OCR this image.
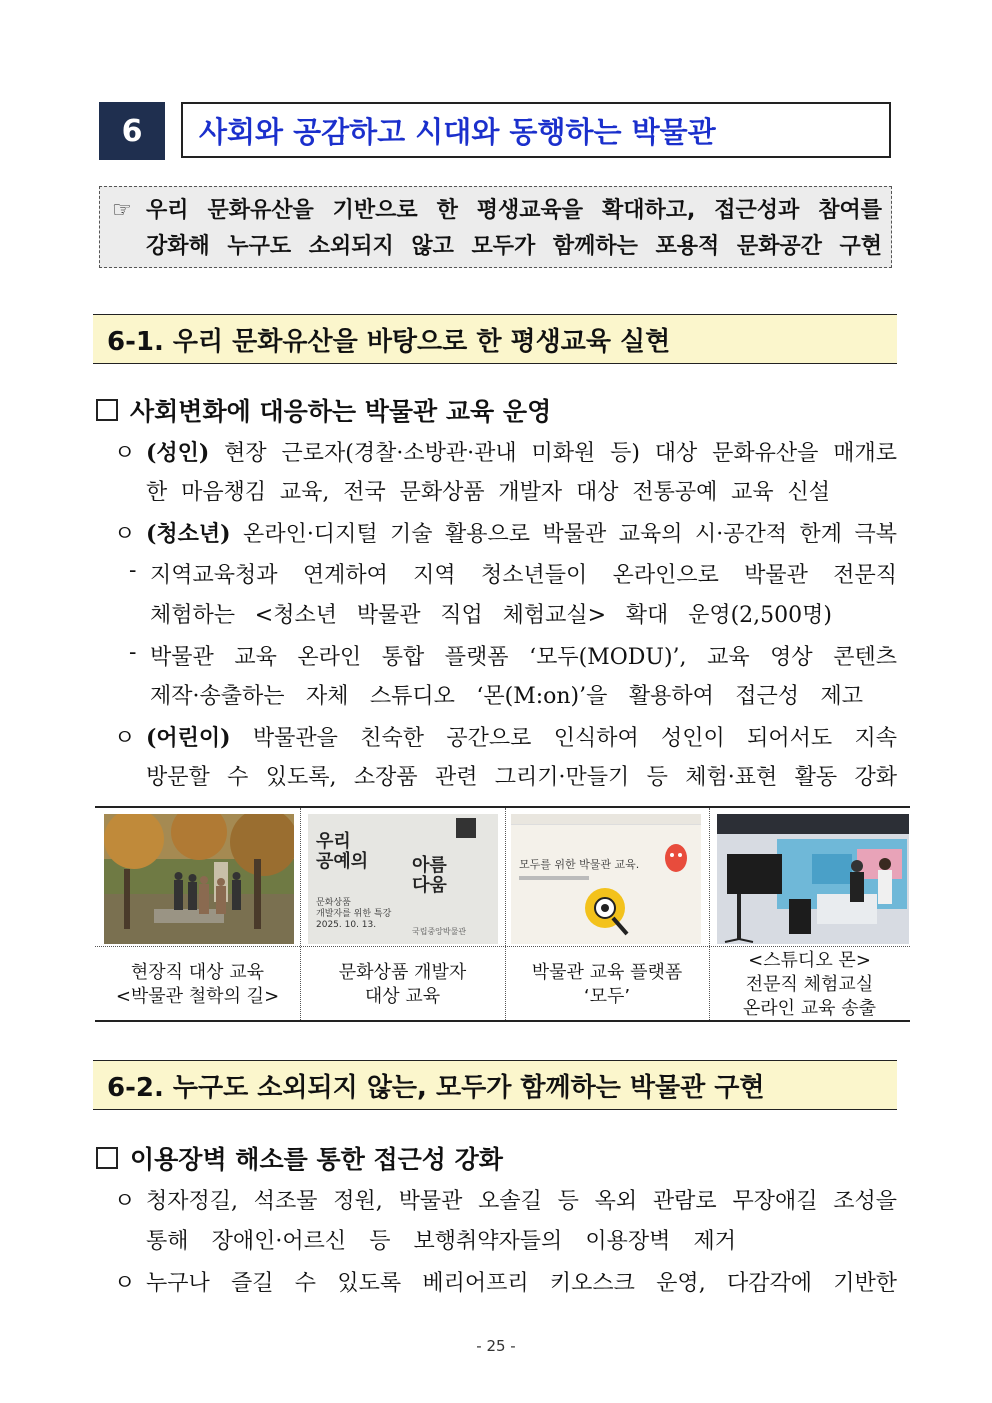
6	사회와 공감하고 시대와 동행하는 박물관
☞ 우리 문화유산을 기반으로 한 평생교육을 확대하고, 접근성과 참여를
강화해 누구도 소외되지 않고 모두가 함께하는 포용적 문화공간 구현
6-1. 우리 문화유산을 바탕으로 한 평생교육 실현
사회변화에 대응하는 박물관 교육 운영
ㅇ (성인) 현장 근로자(경찰·소방관·관내 미화원 등) 대상 문화유산을 매개로
한 마음챙김 교육, 전국 문화상품 개발자 대상 전통공예 교육 신설
ㅇ (청소년) 온라인·디지털 기술 활용으로 박물관 교육의 시·공간적 한계 극복
- 지역교육청과 연계하여 지역 청소년들이 온라인으로 박물관 전문직
체험하는 <청소년 박물관 직업 체험교실> 확대 운영(2,500명)
- 박물관 교육 온라인 통합 플랫폼 ‘모두(MODU)’, 교육 영상 콘텐츠
제작·송출하는 자체 스튜디오 ‘몬(M:on)’을 활용하여 접근성 제고
ㅇ (어린이) 박물관을 친숙한 공간으로 인식하여 성인이 되어서도 지속
방문할 수 있도록, 소장품 관련 그리기·만들기 등 체험·표현 활동 강화
현장직 대상 교육
<박물관 철학의 길>
우리
공예의 아름
다움
문화상품
개발자를 위한 특강
2025. 10. 13.
국립중앙박물관
문화상품 개발자
대상 교육
모두를 위한 박물관 교육.
박물관 교육 플랫폼
‘모두’
<스튜디오 몬>
전문직 체험교실
온라인 교육 송출
6-2. 누구도 소외되지 않는, 모두가 함께하는 박물관 구현
이용장벽 해소를 통한 접근성 강화
ㅇ 청자정길, 석조물 정원, 박물관 오솔길 등 옥외 관람로 무장애길 조성을
통해 장애인·어르신 등 보행취약자들의 이용장벽 제거
ㅇ 누구나 즐길 수 있도록 베리어프리 키오스크 운영, 다감각에 기반한
- 25 -
